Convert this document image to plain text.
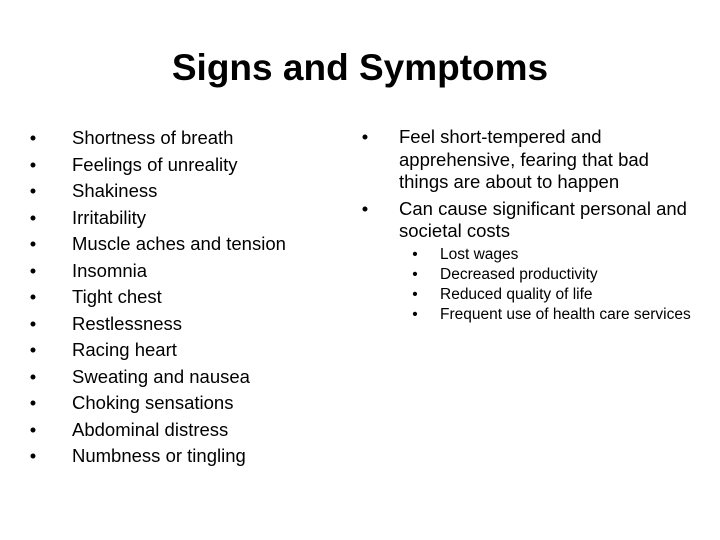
Signs and Symptoms
• Shortness of breath
• Feelings of unreality
• Shakiness
• Irritability
• Muscle aches and tension
• Insomnia
• Tight chest
• Restlessness
• Racing heart
• Sweating and nausea
• Choking sensations
• Abdominal distress
• Numbness or tingling
• Feel short-tempered and apprehensive, fearing that bad things are about to happen
• Can cause significant personal and societal costs
• Lost wages
• Decreased productivity
• Reduced quality of life
• Frequent use of health care services
